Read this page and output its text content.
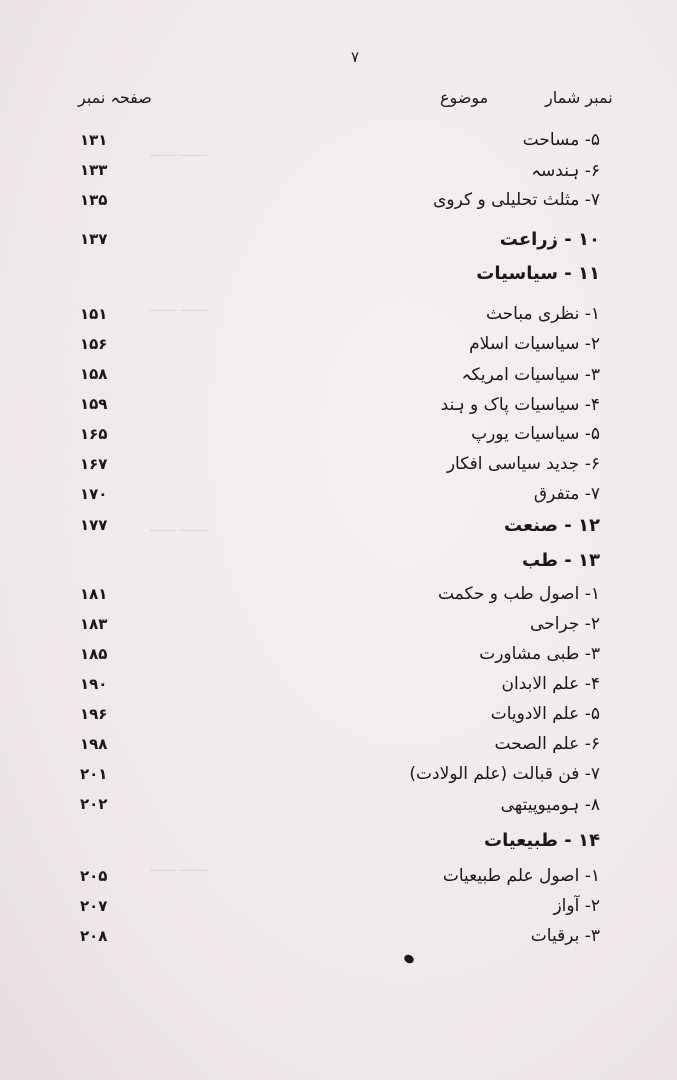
۷
صفحہ نمبر	موضوع	نمبر شمار
ـــــــ ـــــــ
ـــــــ ـــــــ
ـــــــ ـــــــ
ـــــــ ـــــــ
۵- مساحت
۱۳۱
۶- ہندسہ
۱۳۳
۷- مثلث تحلیلی و کروی
۱۳۵
۱۰ - زراعت
۱۳۷
۱۱ - سیاسیات
۱- نظری مباحث
۱۵۱
۲- سیاسیات اسلام
۱۵۶
۳- سیاسیات امریکہ
۱۵۸
۴- سیاسیات پاک و ہند
۱۵۹
۵- سیاسیات یورپ
۱۶۵
۶- جدید سیاسی افکار
۱۶۷
۷- متفرق
۱۷۰
۱۲ - صنعت
۱۷۷
۱۳ - طب
۱- اصول طب و حکمت
۱۸۱
۲- جراحی
۱۸۳
۳- طبی مشاورت
۱۸۵
۴- علم الابدان
۱۹۰
۵- علم الادویات
۱۹۶
۶- علم الصحت
۱۹۸
۷- فن قبالت (علم الولادت)
۲۰۱
۸- ہومیوپیتھی
۲۰۲
۱۴ - طبیعیات
۱- اصول علم طبیعیات
۲۰۵
۲- آواز
۲۰۷
۳- برقیات
۲۰۸
